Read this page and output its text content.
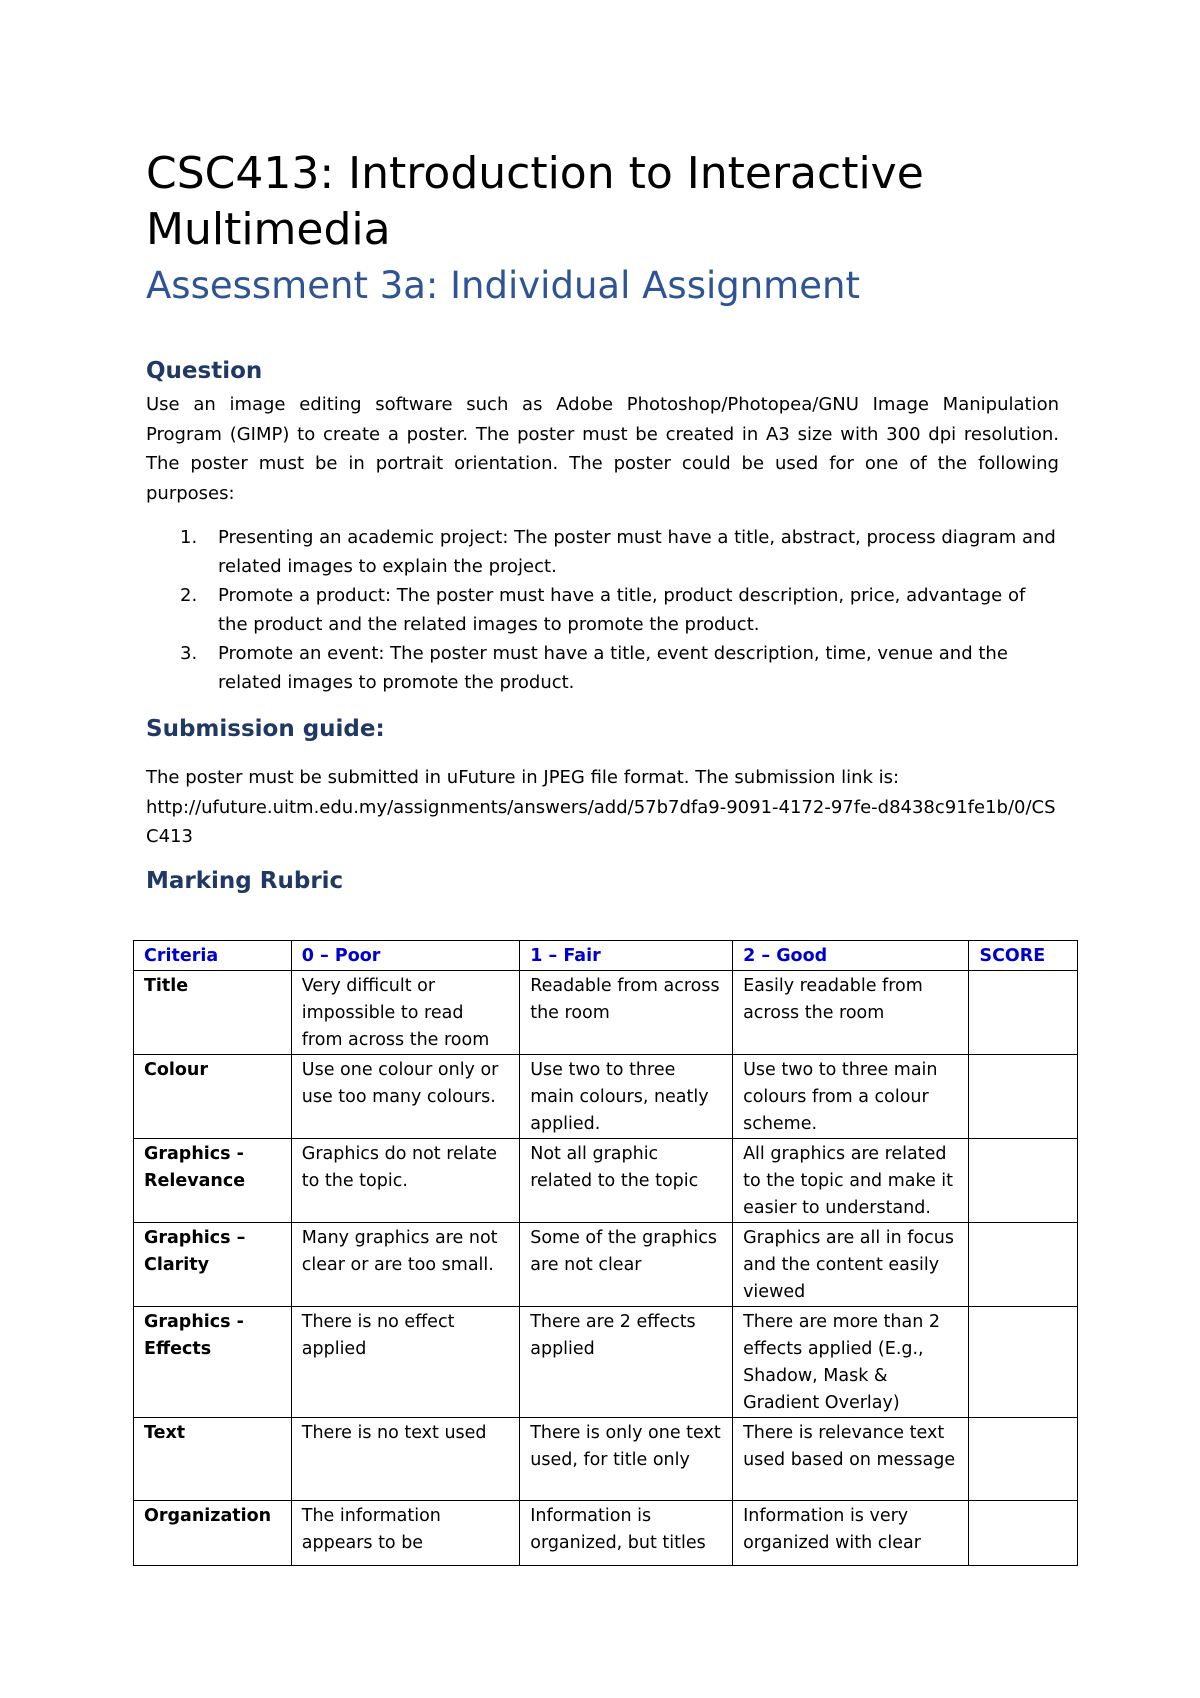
CSC413: Introduction to Interactive Multimedia
Assessment 3a: Individual Assignment
Question

Use an image editing software such as Adobe Photoshop/Photopea/GNU Image Manipulation Program (GIMP) to create a poster. The poster must be created in A3 size with 300 dpi resolution. The poster must be in portrait orientation. The poster could be used for one of the following purposes:

1. Presenting an academic project: The poster must have a title, abstract, process diagram and related images to explain the project.
2. Promote a product: The poster must have a title, product description, price, advantage of the product and the related images to promote the product.
3. Promote an event: The poster must have a title, event description, time, venue and the related images to promote the product.
Submission guide:

The poster must be submitted in uFuture in JPEG file format. The submission link is:
http://ufuture.uitm.edu.my/assignments/answers/add/57b7dfa9-9091-4172-97fe-d8438c91fe1b/0/CSC413

Marking Rubric
Criteria	0 – Poor	1 – Fair	2 – Good	SCORE
Title	Very difficult or impossible to read from across the room	Readable from across the room	Easily readable from across the room	
Colour	Use one colour only or use too many colours.	Use two to three main colours, neatly applied.	Use two to three main colours from a colour scheme.	
Graphics -Relevance	Graphics do not relate to the topic.	Not all graphic related to the topic	All graphics are related to the topic and make it easier to understand.	
Graphics – Clarity	Many graphics are not clear or are too small.	Some of the graphics are not clear	Graphics are all in focus and the content easily viewed	
Graphics - Effects	There is no effect applied	There are 2 effects applied	There are more than 2 effects applied (E.g., Shadow, Mask & Gradient Overlay)	
Text	There is no text used	There is only one text used, for title only	There is relevance text used based on message	
Organization	The information appears to be	Information is organized, but titles	Information is very organized with clear	
